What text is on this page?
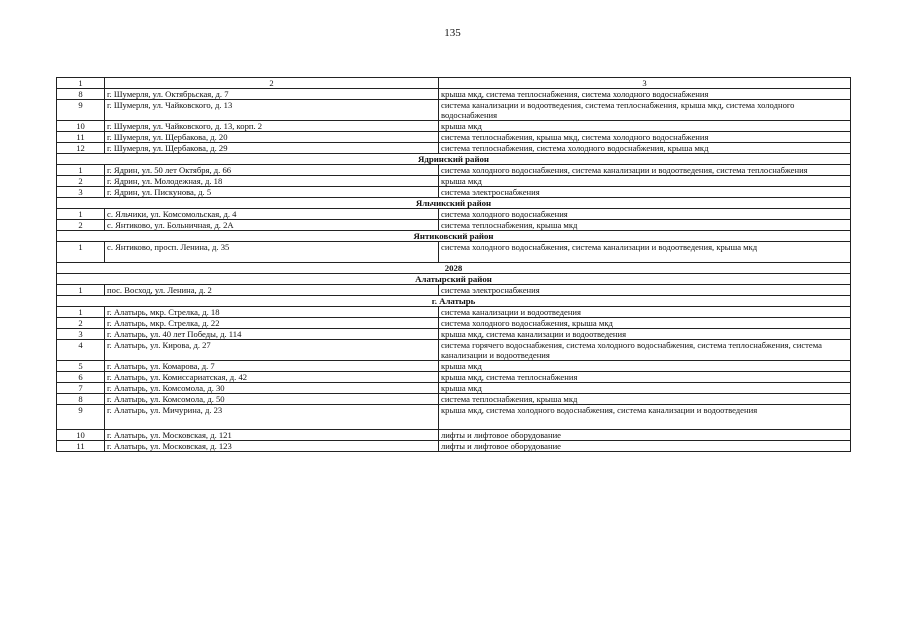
135
1	2	3
8	г. Шумерля, ул. Октябрьская, д. 7	крыша мкд, система теплоснабжения, система холодного водоснабжения
9	г. Шумерля, ул. Чайковского, д. 13	система канализации и водоотведения, система теплоснабжения, крыша мкд, система холодного водоснабжения
10	г. Шумерля, ул. Чайковского, д. 13, корп. 2	крыша мкд
11	г. Шумерля, ул. Щербакова, д. 20	система теплоснабжения, крыша мкд, система холодного водоснабжения
12	г. Шумерля, ул. Щербакова, д. 29	система теплоснабжения, система холодного водоснабжения, крыша мкд
Ядринский район		
1	г. Ядрин, ул. 50 лет Октября, д. 66	система холодного водоснабжения, система канализации и водоотведения, система теплоснабжения
2	г. Ядрин, ул. Молодежная, д. 18	крыша мкд
3	г. Ядрин, ул. Пискунова, д. 5	система электроснабжения
Яльчикский район		
1	с. Яльчики, ул. Комсомольская, д. 4	система холодного водоснабжения
2	с. Янтиково, ул. Больничная, д. 2А	система теплоснабжения, крыша мкд
Янтиковский район		
1	с. Янтиково, просп. Ленина, д. 35	система холодного водоснабжения, система канализации и водоотведения, крыша мкд
2028		
Алатырский район		
1	пос. Восход, ул. Ленина, д. 2	система электроснабжения
г. Алатырь		
1	г. Алатырь, мкр. Стрелка, д. 18	система канализации и водоотведения
2	г. Алатырь, мкр. Стрелка, д. 22	система холодного водоснабжения, крыша мкд
3	г. Алатырь, ул. 40 лет Победы, д. 114	крыша мкд, система канализации и водоотведения
4	г. Алатырь, ул. Кирова, д. 27	система горячего водоснабжения, система холодного водоснабжения, система теплоснабжения, система канализации и водоотведения
5	г. Алатырь, ул. Комарова, д. 7	крыша мкд
6	г. Алатырь, ул. Комиссариатская, д. 42	крыша мкд, система теплоснабжения
7	г. Алатырь, ул. Комсомола, д. 30	крыша мкд
8	г. Алатырь, ул. Комсомола, д. 50	система теплоснабжения, крыша мкд
9	г. Алатырь, ул. Мичурина, д. 23	крыша мкд, система холодного водоснабжения, система канализации и водоотведения
10	г. Алатырь, ул. Московская, д. 121	лифты и лифтовое оборудование
11	г. Алатырь, ул. Московская, д. 123	лифты и лифтовое оборудование
